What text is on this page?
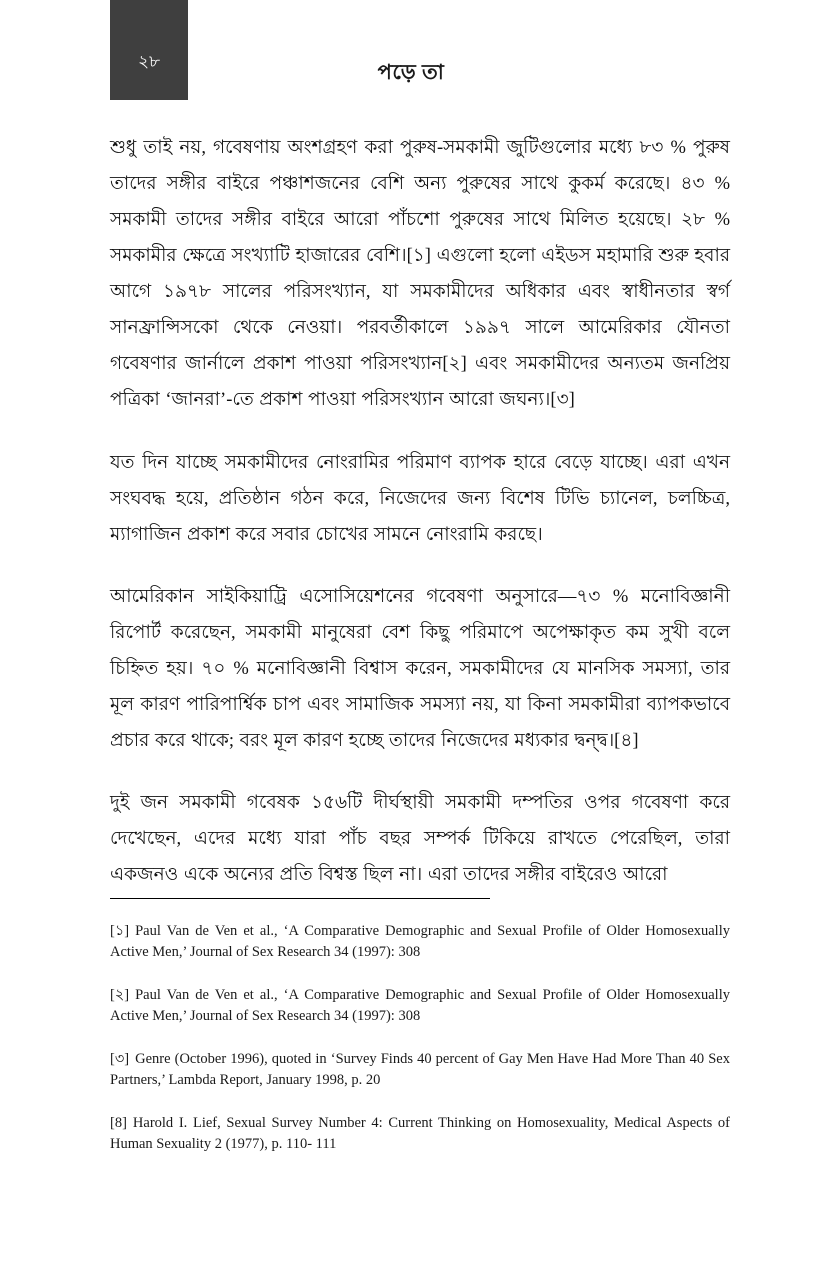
২৮	পড়ে তা

শুধু তাই নয়, গবেষণায় অংশগ্রহণ করা পুরুষ-সমকামী জুটিগুলোর মধ্যে ৮৩ % পুরুষ তাদের সঙ্গীর বাইরে পঞ্চাশজনের বেশি অন্য পুরুষের সাথে কুকর্ম করেছে। ৪৩ % সমকামী তাদের সঙ্গীর বাইরে আরো পাঁচশো পুরুষের সাথে মিলিত হয়েছে। ২৮ % সমকামীর ক্ষেত্রে সংখ্যাটি হাজারের বেশি।[১] এগুলো হলো এইডস মহামারি শুরু হবার আগে ১৯৭৮ সালের পরিসংখ্যান, যা সমকামীদের অধিকার এবং স্বাধীনতার স্বর্গ সানফ্রান্সিসকো থেকে নেওয়া। পরবর্তীকালে ১৯৯৭ সালে আমেরিকার যৌনতা গবেষণার জার্নালে প্রকাশ পাওয়া পরিসংখ্যান[২] এবং সমকামীদের অন্যতম জনপ্রিয় পত্রিকা ‘জানরা’-তে প্রকাশ পাওয়া পরিসংখ্যান আরো জঘন্য।[৩]

যত দিন যাচ্ছে সমকামীদের নোংরামির পরিমাণ ব্যাপক হারে বেড়ে যাচ্ছে। এরা এখন সংঘবদ্ধ হয়ে, প্রতিষ্ঠান গঠন করে, নিজেদের জন্য বিশেষ টিভি চ্যানেল, চলচ্চিত্র, ম্যাগাজিন প্রকাশ করে সবার চোখের সামনে নোংরামি করছে।

আমেরিকান সাইকিয়াট্রি এসোসিয়েশনের গবেষণা অনুসারে—৭৩ % মনোবিজ্ঞানী রিপোর্ট করেছেন, সমকামী মানুষেরা বেশ কিছু পরিমাপে অপেক্ষাকৃত কম সুখী বলে চিহ্নিত হয়। ৭০ % মনোবিজ্ঞানী বিশ্বাস করেন, সমকামীদের যে মানসিক সমস্যা, তার মূল কারণ পারিপার্শ্বিক চাপ এবং সামাজিক সমস্যা নয়, যা কিনা সমকামীরা ব্যাপকভাবে প্রচার করে থাকে; বরং মূল কারণ হচ্ছে তাদের নিজেদের মধ্যকার দ্বন্দ্ব।[৪]

দুই জন সমকামী গবেষক ১৫৬টি দীর্ঘস্থায়ী সমকামী দম্পতির ওপর গবেষণা করে দেখেছেন, এদের মধ্যে যারা পাঁচ বছর সম্পর্ক টিকিয়ে রাখতে পেরেছিল, তারা একজনও একে অন্যের প্রতি বিশ্বস্ত ছিল না। এরা তাদের সঙ্গীর বাইরেও আরো

[১] Paul Van de Ven et al., ‘A Comparative Demographic and Sexual Profile of Older Homosexually Active Men,’ Journal of Sex Research 34 (1997): 308
[২] Paul Van de Ven et al., ‘A Comparative Demographic and Sexual Profile of Older Homosexually Active Men,’ Journal of Sex Research 34 (1997): 308
[৩] Genre (October 1996), quoted in ‘Survey Finds 40 percent of Gay Men Have Had More Than 40 Sex Partners,’ Lambda Report, January 1998, p. 20
[8] Harold I. Lief, Sexual Survey Number 4: Current Thinking on Homosexuality, Medical Aspects of Human Sexuality 2 (1977), p. 110- 111
